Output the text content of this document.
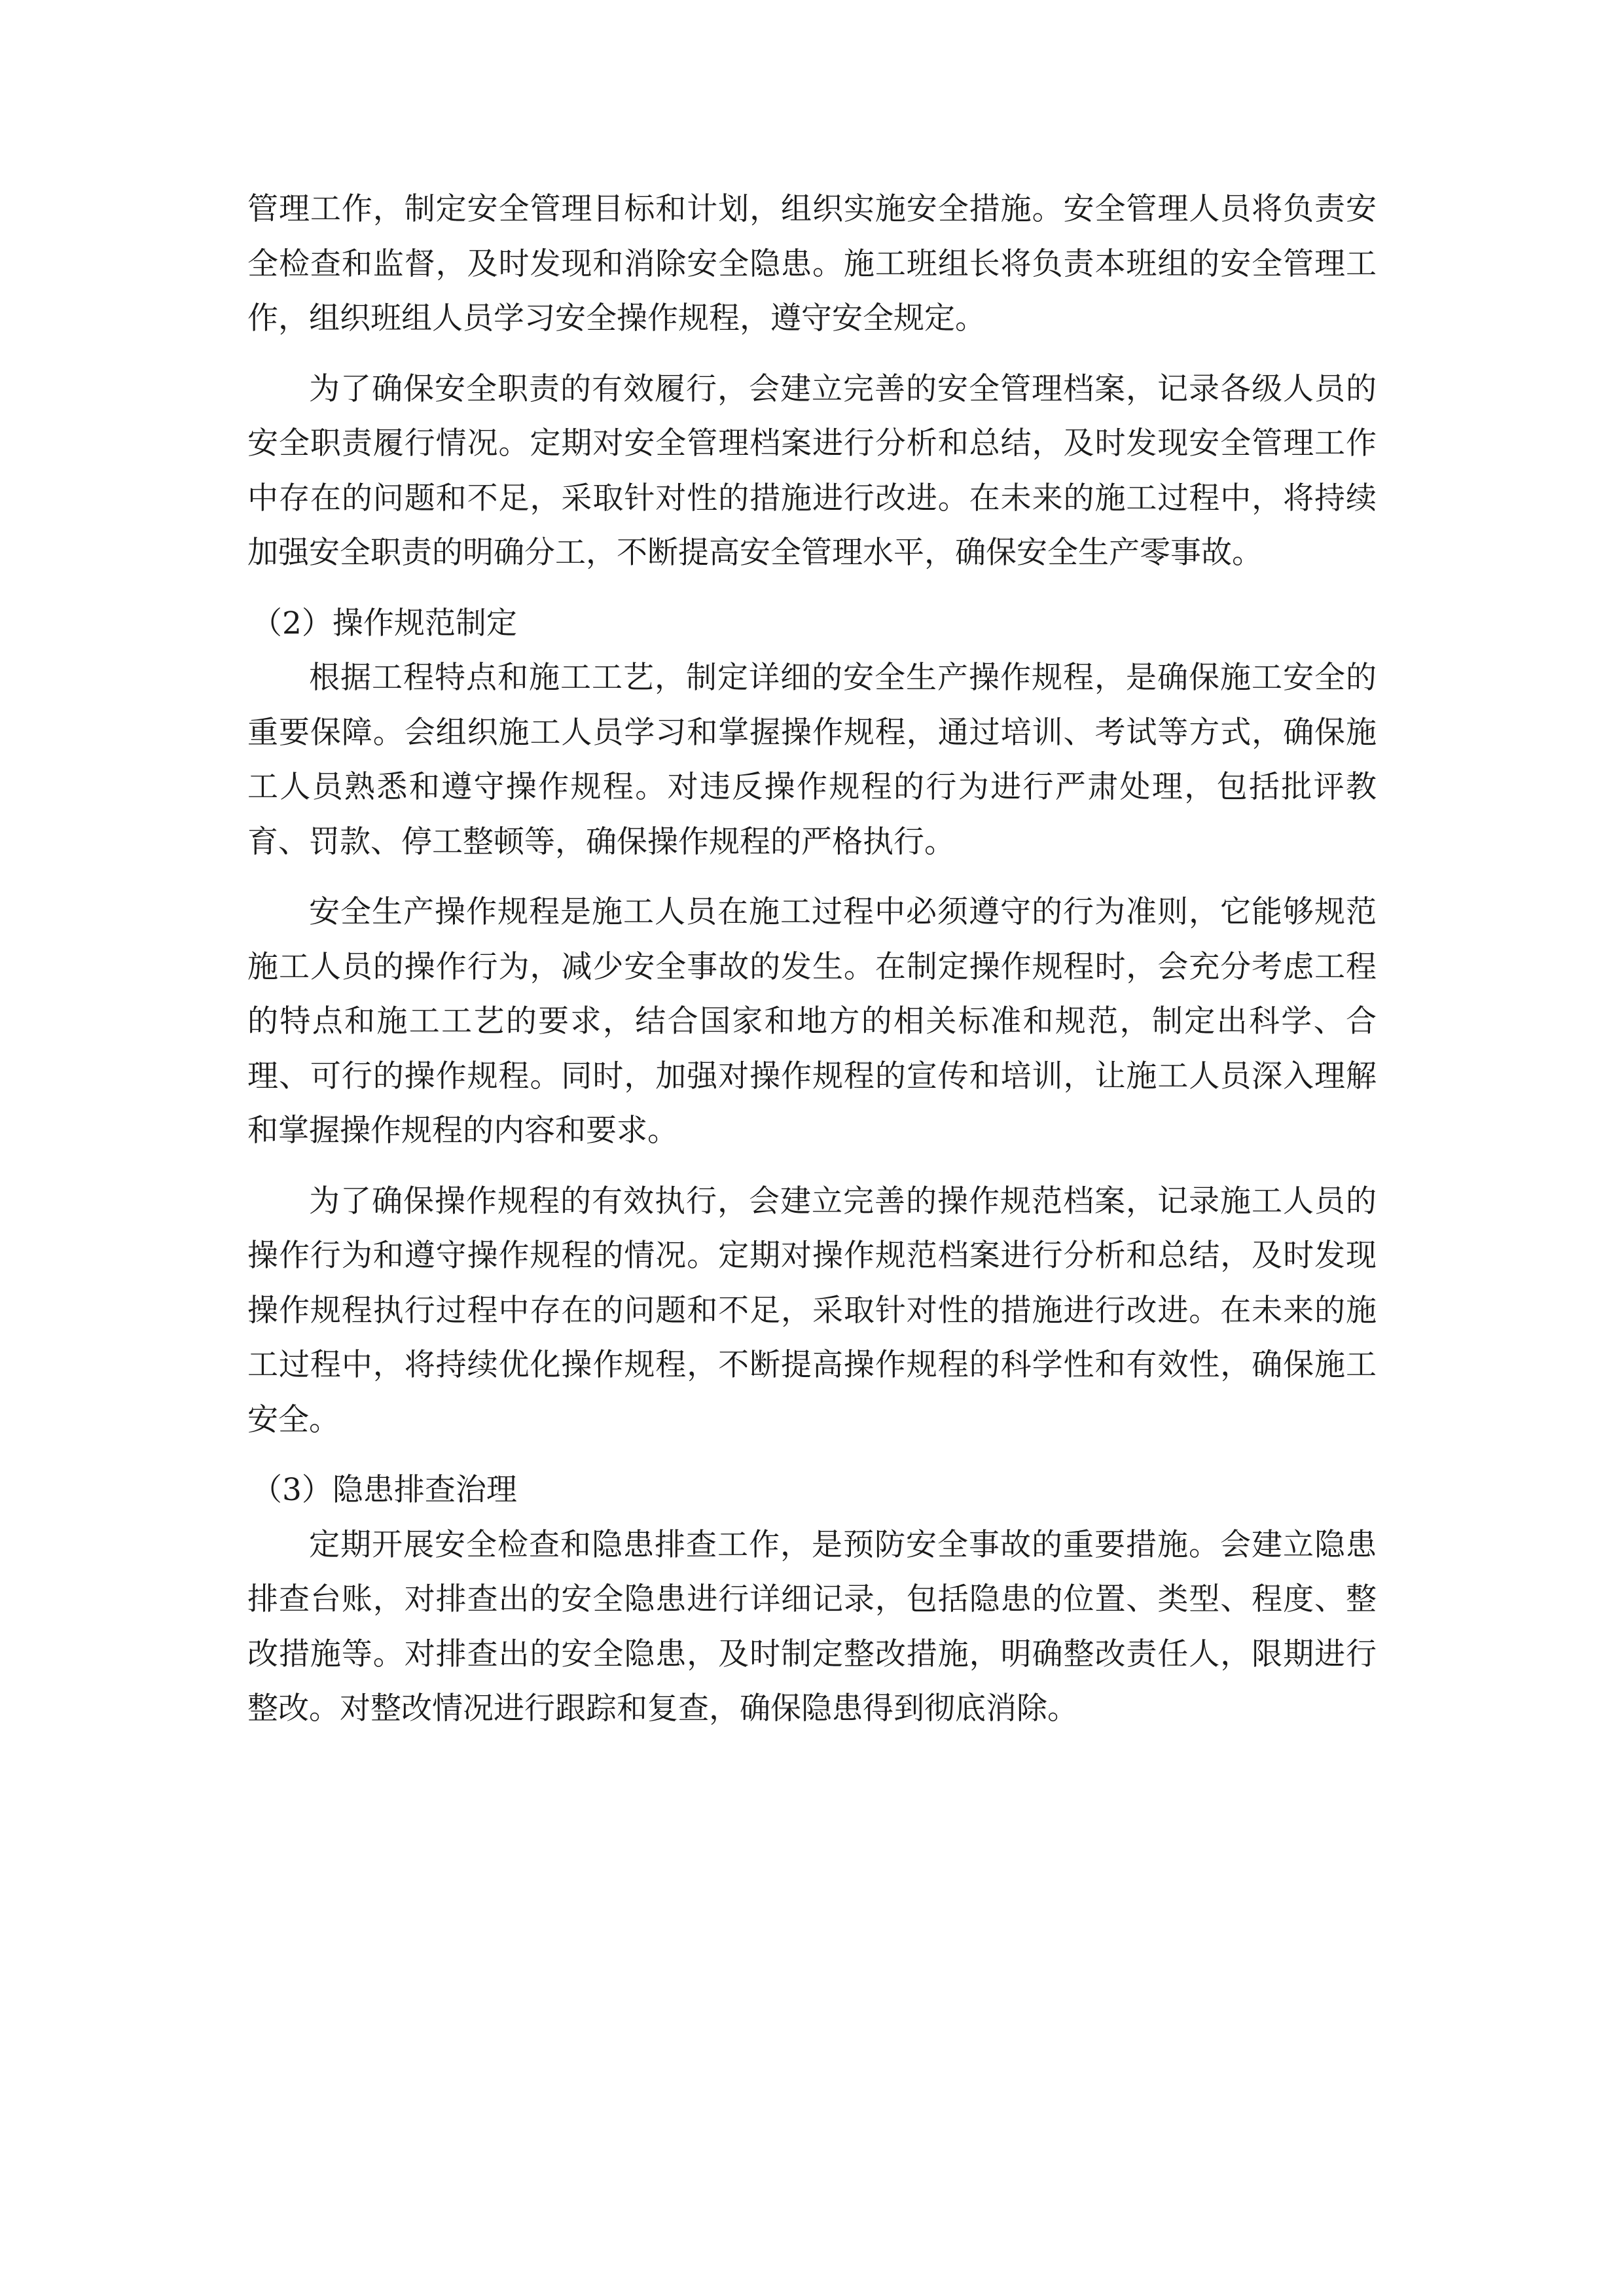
管理工作，制定安全管理目标和计划，组织实施安全措施。安全管理人员将负责安全检查和监督，及时发现和消除安全隐患。施工班组长将负责本班组的安全管理工作，组织班组人员学习安全操作规程，遵守安全规定。

为了确保安全职责的有效履行，会建立完善的安全管理档案，记录各级人员的安全职责履行情况。定期对安全管理档案进行分析和总结，及时发现安全管理工作中存在的问题和不足，采取针对性的措施进行改进。在未来的施工过程中，将持续加强安全职责的明确分工，不断提高安全管理水平，确保安全生产零事故。

（2）操作规范制定

根据工程特点和施工工艺，制定详细的安全生产操作规程，是确保施工安全的重要保障。会组织施工人员学习和掌握操作规程，通过培训、考试等方式，确保施工人员熟悉和遵守操作规程。对违反操作规程的行为进行严肃处理，包括批评教育、罚款、停工整顿等，确保操作规程的严格执行。

安全生产操作规程是施工人员在施工过程中必须遵守的行为准则，它能够规范施工人员的操作行为，减少安全事故的发生。在制定操作规程时，会充分考虑工程的特点和施工工艺的要求，结合国家和地方的相关标准和规范，制定出科学、合理、可行的操作规程。同时，加强对操作规程的宣传和培训，让施工人员深入理解和掌握操作规程的内容和要求。

为了确保操作规程的有效执行，会建立完善的操作规范档案，记录施工人员的操作行为和遵守操作规程的情况。定期对操作规范档案进行分析和总结，及时发现操作规程执行过程中存在的问题和不足，采取针对性的措施进行改进。在未来的施工过程中，将持续优化操作规程，不断提高操作规程的科学性和有效性，确保施工安全。

（3）隐患排查治理

定期开展安全检查和隐患排查工作，是预防安全事故的重要措施。会建立隐患排查台账，对排查出的安全隐患进行详细记录，包括隐患的位置、类型、程度、整改措施等。对排查出的安全隐患，及时制定整改措施，明确整改责任人，限期进行整改。对整改情况进行跟踪和复查，确保隐患得到彻底消除。
